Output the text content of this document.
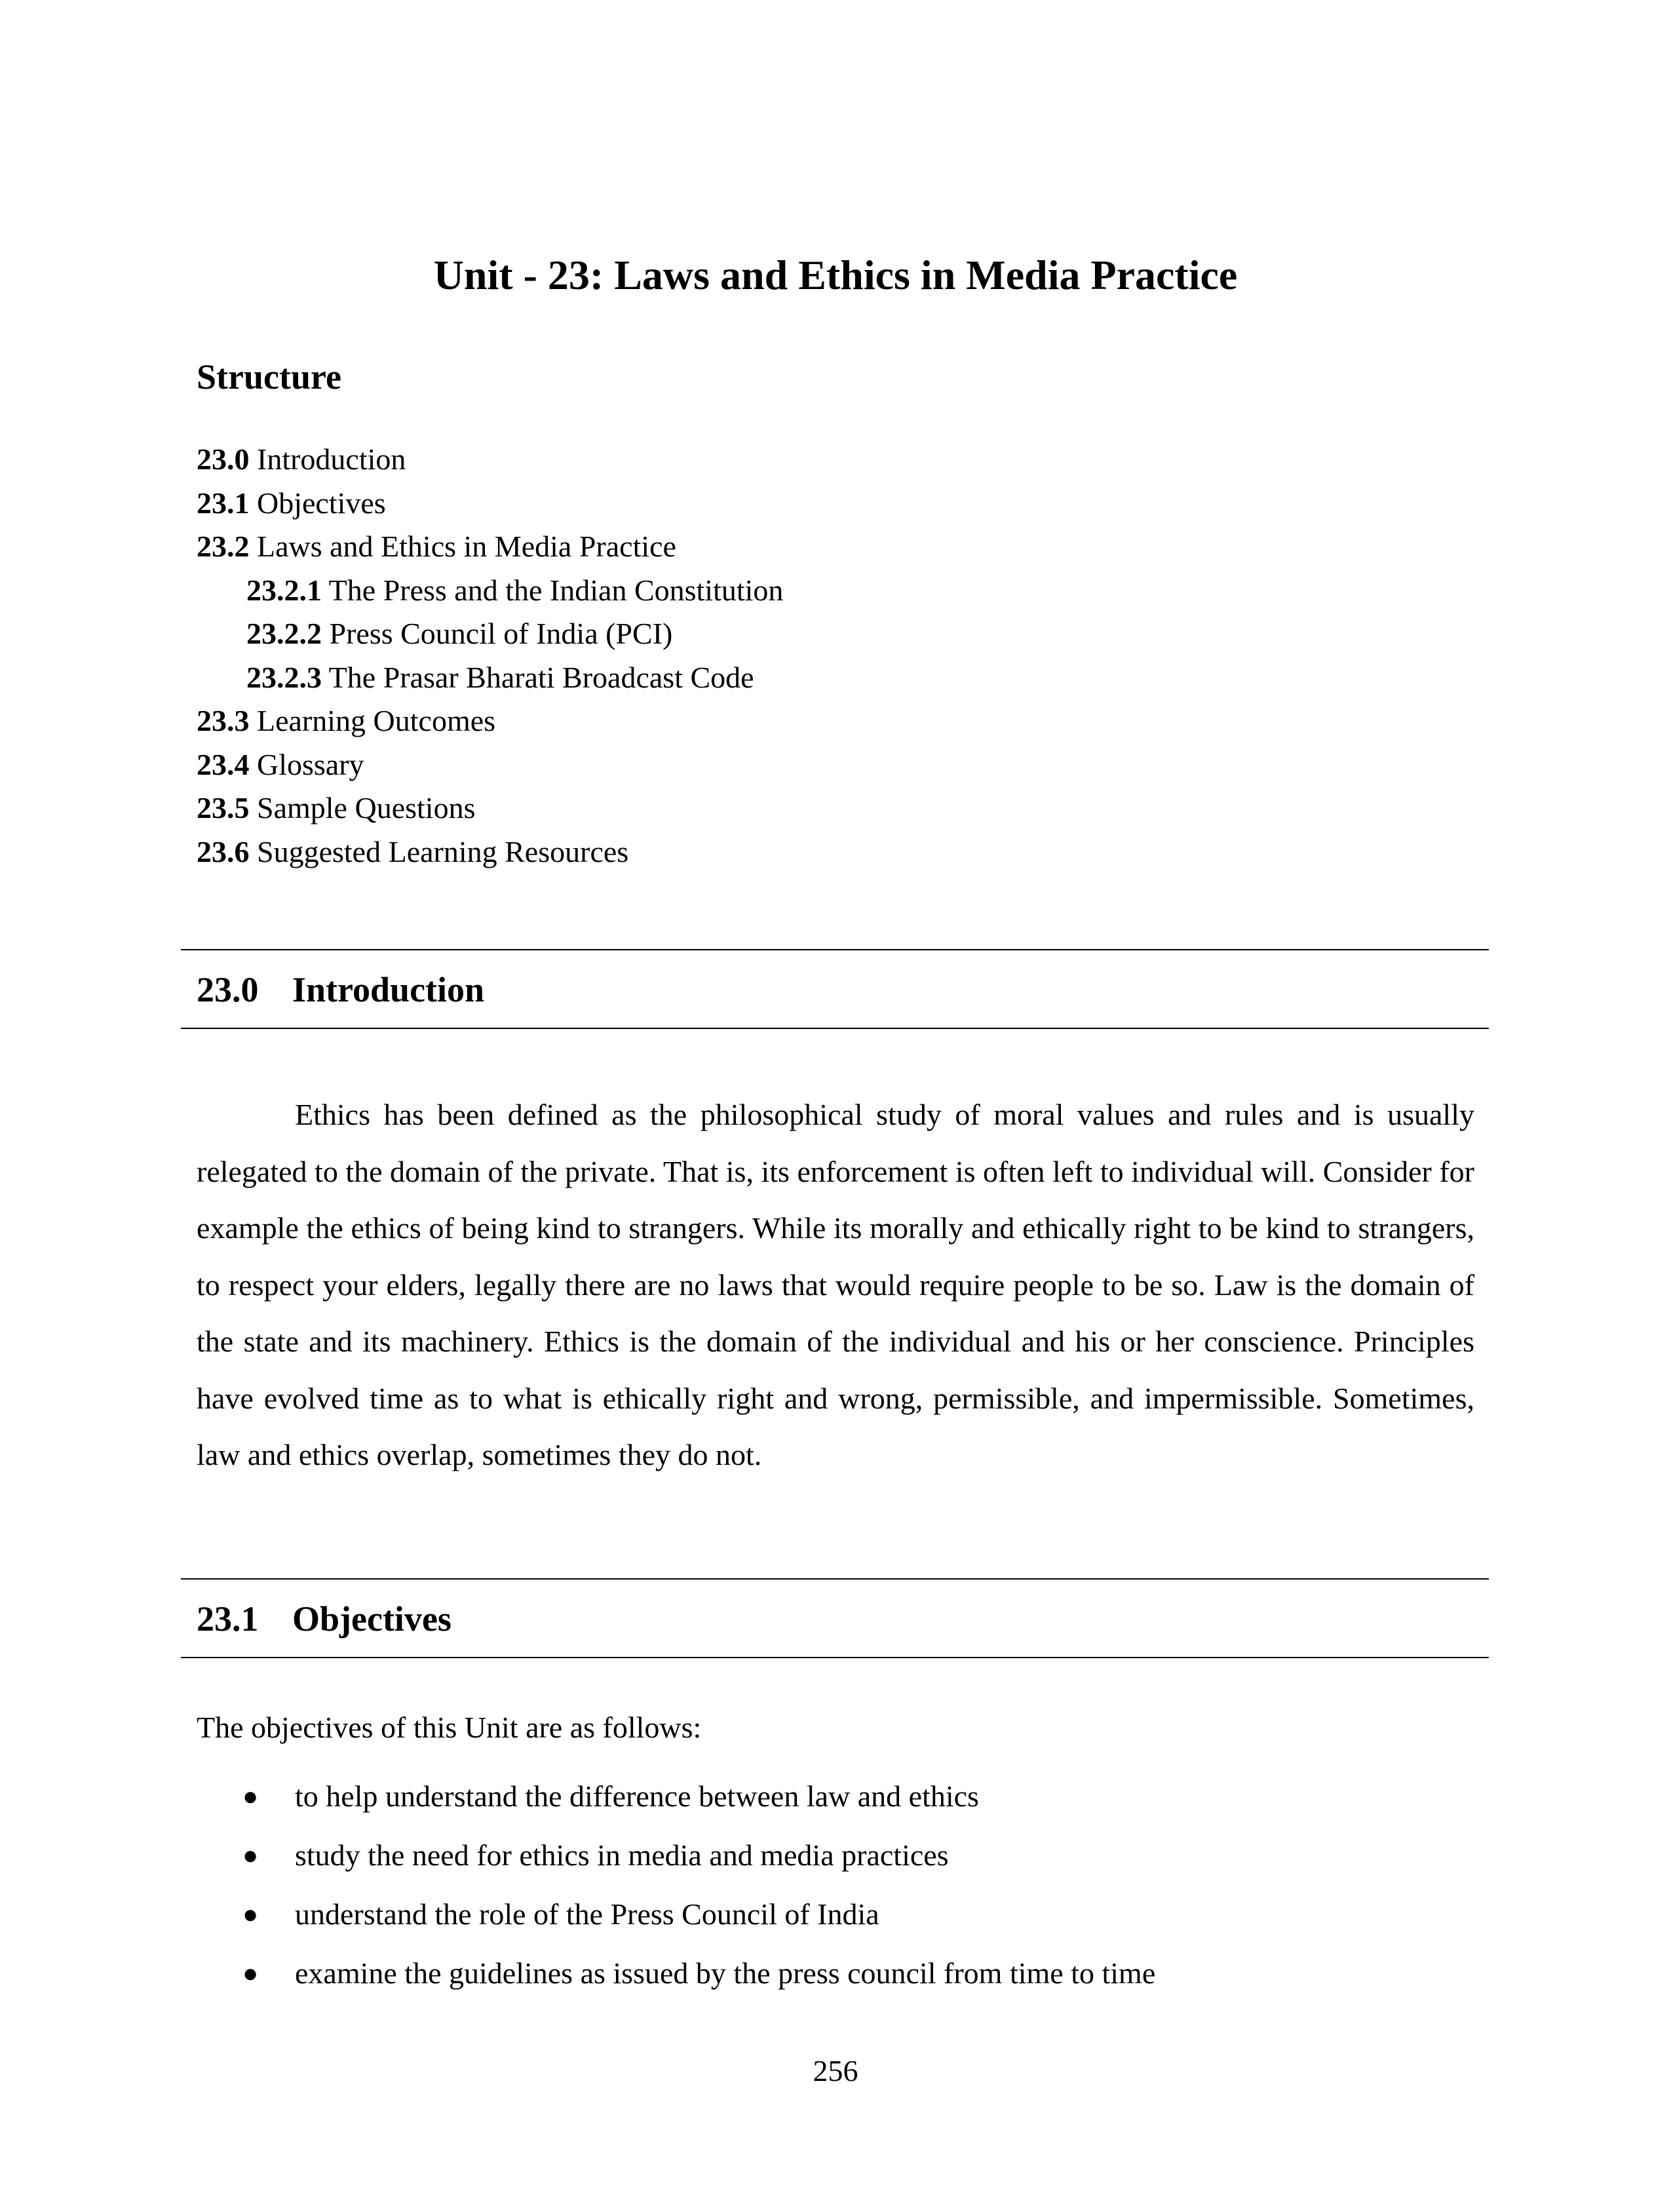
Unit - 23: Laws and Ethics in Media Practice
Structure
23.0 Introduction
23.1 Objectives
23.2 Laws and Ethics in Media Practice
23.2.1 The Press and the Indian Constitution
23.2.2 Press Council of India (PCI)
23.2.3 The Prasar Bharati Broadcast Code
23.3 Learning Outcomes
23.4 Glossary
23.5 Sample Questions
23.6 Suggested Learning Resources
23.0 Introduction

Ethics has been defined as the philosophical study of moral values and rules and is usually relegated to the domain of the private. That is, its enforcement is often left to individual will. Consider for example the ethics of being kind to strangers. While its morally and ethically right to be kind to strangers, to respect your elders, legally there are no laws that would require people to be so. Law is the domain of the state and its machinery. Ethics is the domain of the individual and his or her conscience. Principles have evolved time as to what is ethically right and wrong, permissible, and impermissible. Sometimes, law and ethics overlap, sometimes they do not.

23.1 Objectives

The objectives of this Unit are as follows:

● to help understand the difference between law and ethics
● study the need for ethics in media and media practices
● understand the role of the Press Council of India
● examine the guidelines as issued by the press council from time to time

256
